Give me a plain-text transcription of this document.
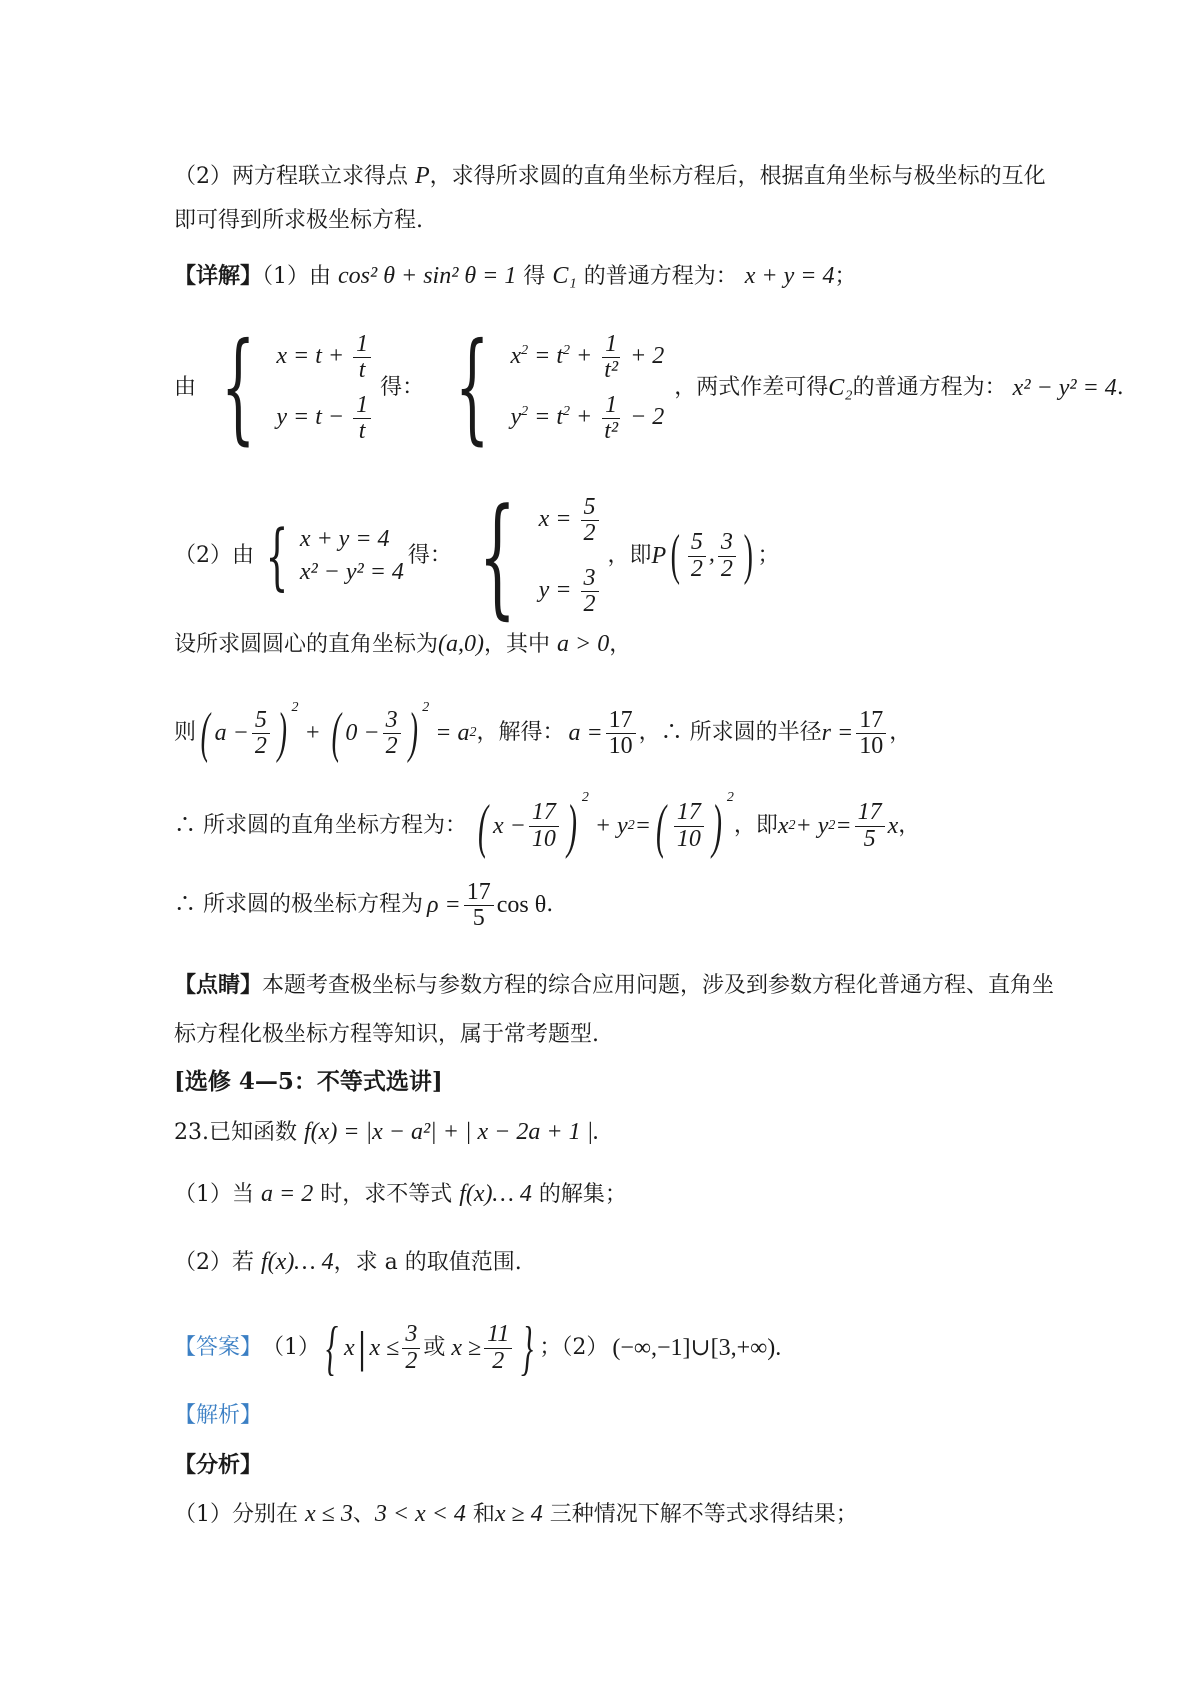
（2）两方程联立求得点 P，求得所求圆的直角坐标方程后，根据直角坐标与极坐标的互化
即可得到所求极坐标方程.
【详解】（1）由 cos² θ + sin² θ = 1 得 C₁ 的普通方程为： x + y = 4；
由 { $x = t + \frac{1}{t}$
$y = t - \frac{1}{t}$
得： { $x^2 = t^2 + \frac{1}{\text{t²}} + 2$
$y^2 = t^2 + \frac{1}{\text{t²}} - 2$
，两式作差可得 C₂ 的普通方程为： x² − y² = 4 .
（2）由 { x + y = 4
x² − y² = 4
得： { $x = \frac{5}{2}$
$y = \frac{3}{2}$
，即 P ( $\frac{5}{2}$ , $\frac{3}{2}$ ) ；
设所求圆圆心的直角坐标为(a,0)，其中 a > 0，
则 ( $a - \frac{5}{2}$ ) $^2$
+ ( $0 - \frac{3}{2}$ ) $^2$
= a 2 ，解得： $a = \frac{17}{10}$ ，∴ 所求圆的半径 $r = \frac{17}{10}$ ，
∴ 所求圆的直角坐标方程为： ( $x - \frac{17}{10}$ ) $^2$
+ y 2 = ( $\frac{17}{10}$ ) $^2$
，即 x 2 + y $2 = \frac{17}{5}$ x ，
∴ 所求圆的极坐标方程为 $\rho = \frac{17}{5}$ cos θ .
【点睛】本题考查极坐标与参数方程的综合应用问题，涉及到参数方程化普通方程、直角坐
标方程化极坐标方程等知识，属于常考题型.
[选修 4—5：不等式选讲]
23.已知函数 f(x) = |x − a²| + | x − 2a + 1 |.
（1）当 a = 2 时，求不等式 f(x)… 4 的解集；
（2）若 f(x)… 4，求 a 的取值范围.
【答案】 （1） { x | $x \le \frac{3}{2}$ 或 $x \ge \frac{11}{2}$ } ；（2） (−∞,−1]∪[3,+∞).
【解析】
【分析】
（1）分别在 x ≤ 3、3 < x < 4 和x ≥ 4 三种情况下解不等式求得结果；
